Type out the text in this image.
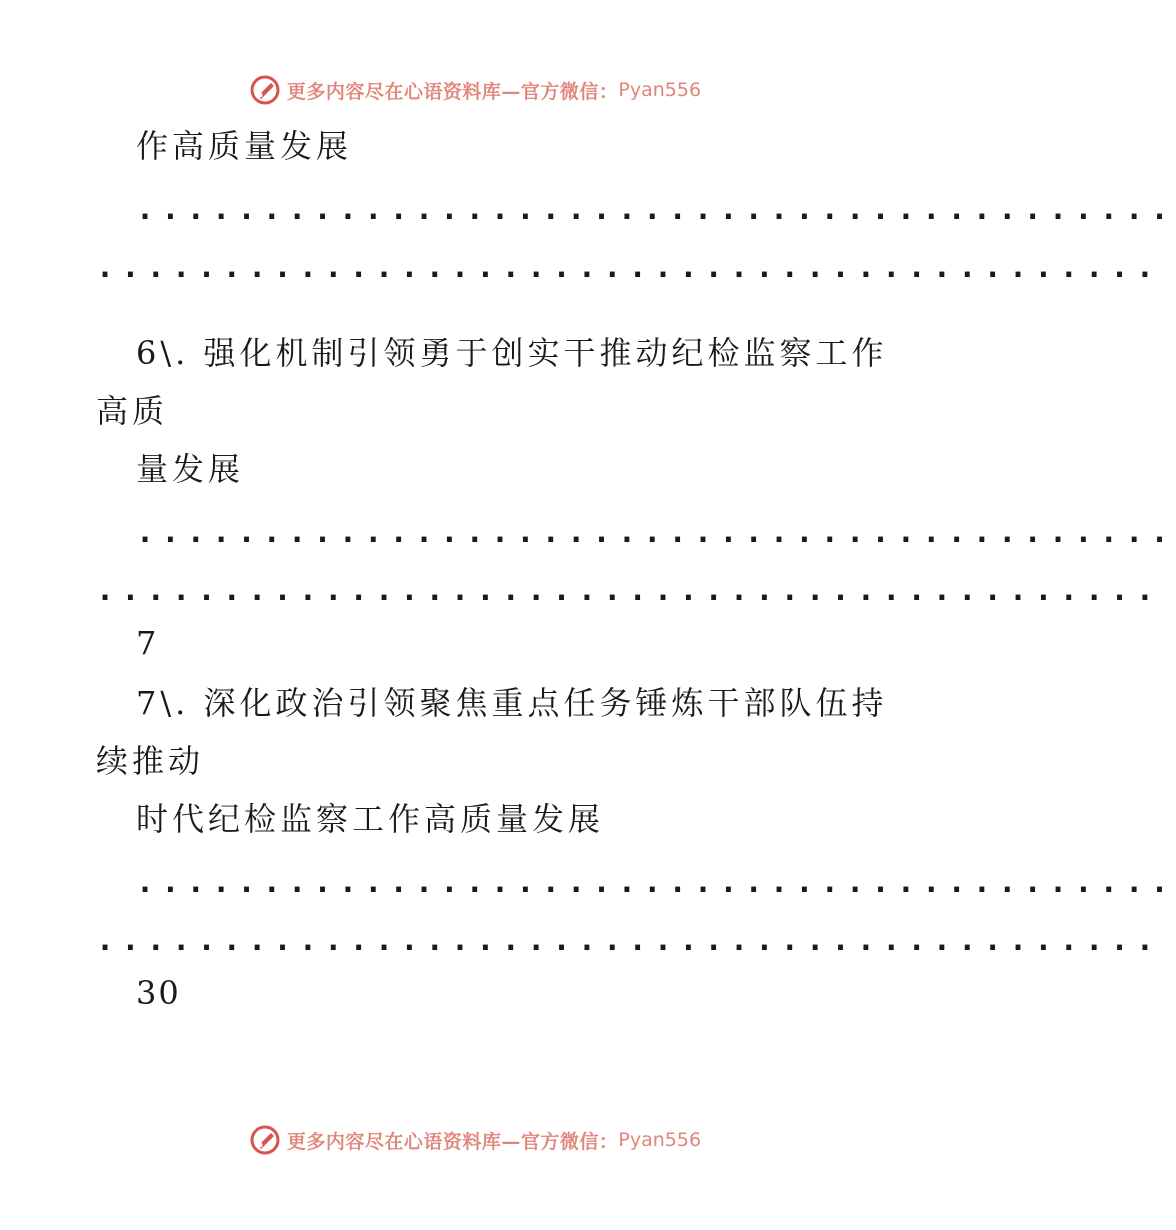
更多内容尽在心语资料库—官方微信： Pyan556
作高质量发展
.........................................
..........................................
6\. 强化机制引领勇于创实干推动纪检监察工作
高质
量发展
.........................................
..........................................
7
7\. 深化政治引领聚焦重点任务锤炼干部队伍持
续推动
时代纪检监察工作高质量发展
.........................................
..........................................
30
更多内容尽在心语资料库—官方微信： Pyan556
